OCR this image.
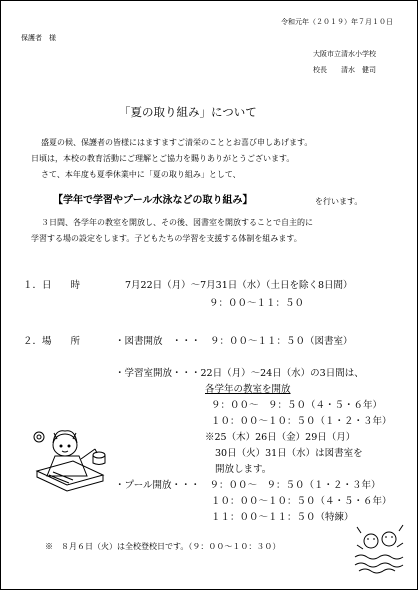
令和元年（２０１９）年７月１０日
保護者　様
大阪市立清水小学校
校長　　清水　健司
「夏の取り組み」について
盛夏の候、保護者の皆様にはますますご清栄のこととお喜び申しあげます。
日頃は，本校の教育活動にご理解とご協力を賜りありがとうございます。
さて、本年度も夏季休業中に「夏の取り組み」として、
【学年で学習やプール水泳などの取り組み】	を行います。
３日間、各学年の教室を開放し、その後、図書室を開放することで自主的に
学習する場の設定をします。子どもたちの学習を支援する体制を組みます。
１．日　　時	7月22日（月）～7月31日（水）（土日を除く8日間）
９：００～１１：５０
２．場　　所	・図書開放　・・・　９：００～１１：５０（図書室）
・学習室開放・・・22日（月）～24日（水）の3日間は、
各学年の教室を開放
９：００～　９：５０（４・５・６年）
１０：００～１０：５０（１・２・３年）
※25（木）26日（金）29日（月）
30日（火）31日（水）は図書室を
開放します。
・プール開放・・・　９：００～　９：５０（１・２・３年）
１０：００～１０：５０（４・５・６年）
１１：００～１１：５０（特練）
※　８月６日（火）は全校登校日です。（９：００～１０：３０）
